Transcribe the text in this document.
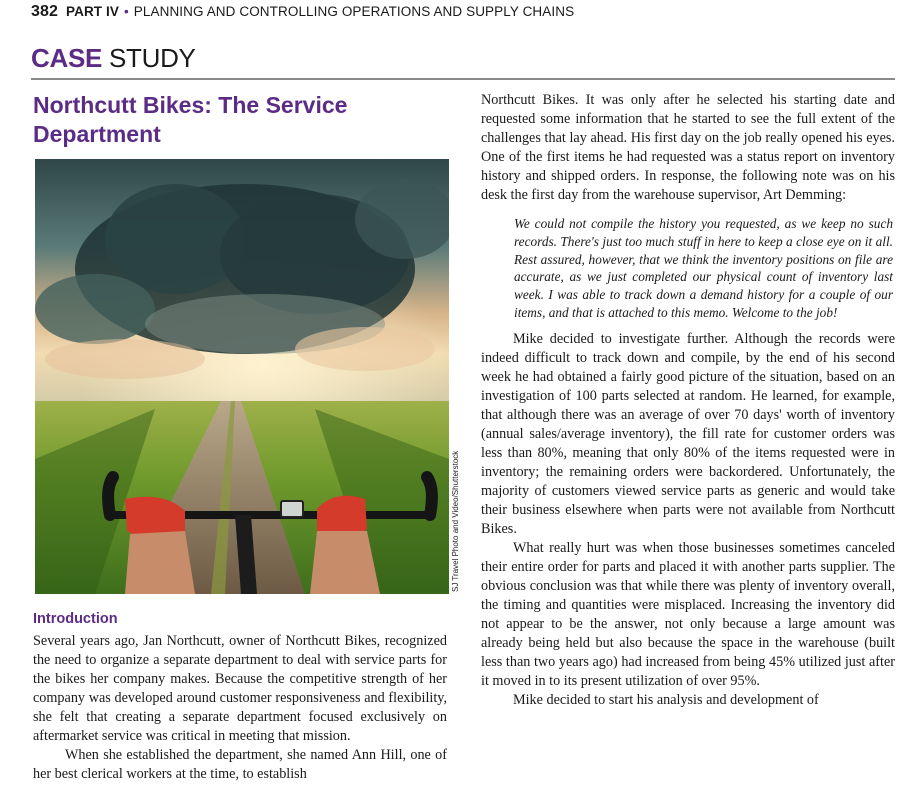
382 PART IV • PLANNING AND CONTROLLING OPERATIONS AND SUPPLY CHAINS
CASE STUDY
Northcutt Bikes: The Service Department
SJ Travel Photo and Video/Shutterstock
Introduction

Several years ago, Jan Northcutt, owner of Northcutt Bikes, recognized the need to organize a separate department to deal with service parts for the bikes her company makes. Because the competitive strength of her company was developed around customer responsiveness and flexibility, she felt that creating a separate department focused exclusively on aftermarket service was critical in meeting that mission.

When she established the department, she named Ann Hill, one of her best clerical workers at the time, to establish

Northcutt Bikes. It was only after he selected his starting date and requested some information that he started to see the full extent of the challenges that lay ahead. His first day on the job really opened his eyes. One of the first items he had requested was a status report on inventory history and shipped orders. In response, the following note was on his desk the first day from the warehouse supervisor, Art Demming:

We could not compile the history you requested, as we keep no such records. There's just too much stuff in here to keep a close eye on it all. Rest assured, however, that we think the inventory positions on file are accurate, as we just completed our physical count of inventory last week. I was able to track down a demand history for a couple of our items, and that is attached to this memo. Welcome to the job!

Mike decided to investigate further. Although the records were indeed difficult to track down and compile, by the end of his second week he had obtained a fairly good picture of the situation, based on an investigation of 100 parts selected at random. He learned, for example, that although there was an average of over 70 days' worth of inventory (annual sales/average inventory), the fill rate for customer orders was less than 80%, meaning that only 80% of the items requested were in inventory; the remaining orders were backordered. Unfortunately, the majority of customers viewed service parts as generic and would take their business elsewhere when parts were not available from Northcutt Bikes.

What really hurt was when those businesses sometimes canceled their entire order for parts and placed it with another parts supplier. The obvious conclusion was that while there was plenty of inventory overall, the timing and quantities were misplaced. Increasing the inventory did not appear to be the answer, not only because a large amount was already being held but also because the space in the warehouse (built less than two years ago) had increased from being 45% utilized just after it moved in to its present utilization of over 95%.

Mike decided to start his analysis and development of
